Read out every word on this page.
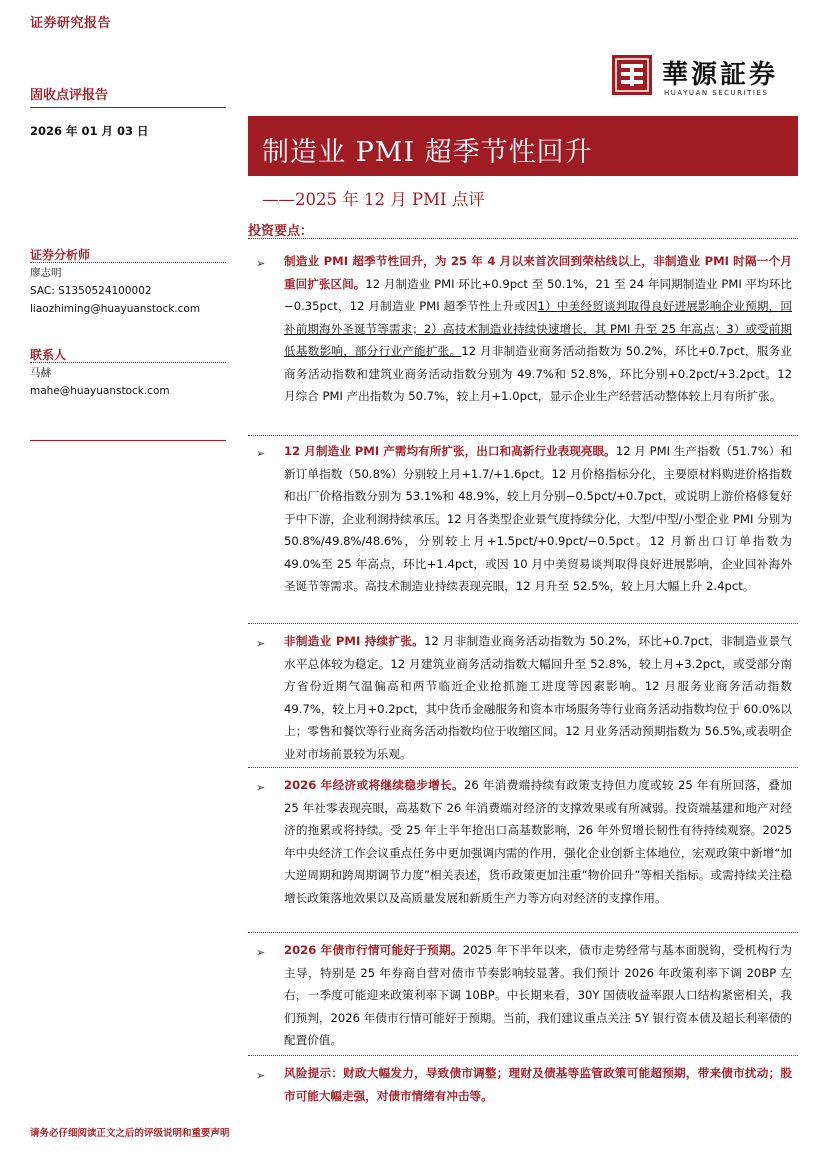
证券研究报告
固收点评报告
2026 年 01 月 03 日
華源証券
HUAYUAN SECURITIES
制造业 PMI 超季节性回升
——2025 年 12 月 PMI 点评
证券分析师
廖志明
SAC: S1350524100002
liaozhiming@huayuanstock.com
联系人
马赫
mahe@huayuanstock.com
投资要点：
➢ 制造业 PMI 超季节性回升，为 25 年 4 月以来首次回到荣枯线以上，非制造业 PMI 时隔一个月重回扩张区间。12 月制造业 PMI 环比+0.9pct 至 50.1%，21 至 24 年同期制造业 PMI 平均环比−0.35pct，12 月制造业 PMI 超季节性上升或因1）中美经贸谈判取得良好进展影响企业预期，回补前期海外圣诞节等需求；2）高技术制造业持续快速增长，其 PMI 升至 25 年高点；3）或受前期低基数影响，部分行业产能扩张。12 月非制造业商务活动指数为 50.2%，环比+0.7pct，服务业商务活动指数和建筑业商务活动指数分别为 49.7%和 52.8%，环比分别+0.2pct/+3.2pct。12 月综合 PMI 产出指数为 50.7%，较上月+1.0pct，显示企业生产经营活动整体较上月有所扩张。
➢ 12 月制造业 PMI 产需均有所扩张，出口和高新行业表现亮眼。12 月 PMI 生产指数（51.7%）和新订单指数（50.8%）分别较上月+1.7/+1.6pct。12 月价格指标分化，主要原材料购进价格指数和出厂价格指数分别为 53.1%和 48.9%，较上月分别−0.5pct/+0.7pct，或说明上游价格修复好于中下游，企业利润持续承压。12 月各类型企业景气度持续分化，大型/中型/小型企业 PMI 分别为 50.8%/49.8%/48.6%，分别较上月+1.5pct/+0.9pct/−0.5pct。12 月新出口订单指数为 49.0%至 25 年高点，环比+1.4pct，或因 10 月中美贸易谈判取得良好进展影响，企业回补海外圣诞节等需求。高技术制造业持续表现亮眼，12 月升至 52.5%，较上月大幅上升 2.4pct。
➢ 非制造业 PMI 持续扩张。12 月非制造业商务活动指数为 50.2%，环比+0.7pct，非制造业景气水平总体较为稳定。12 月建筑业商务活动指数大幅回升至 52.8%，较上月+3.2pct，或受部分南方省份近期气温偏高和两节临近企业抢抓施工进度等因素影响。12 月服务业商务活动指数 49.7%，较上月+0.2pct，其中货币金融服务和资本市场服务等行业商务活动指数均位于 60.0%以上；零售和餐饮等行业商务活动指数均位于收缩区间。12 月业务活动预期指数为 56.5%,或表明企业对市场前景较为乐观。
➢ 2026 年经济或将继续稳步增长。26 年消费端持续有政策支持但力度或较 25 年有所回落，叠加 25 年社零表现亮眼，高基数下 26 年消费端对经济的支撑效果或有所减弱。投资端基建和地产对经济的拖累或将持续。受 25 年上半年抢出口高基数影响，26 年外贸增长韧性有待持续观察。2025 年中央经济工作会议重点任务中更加强调内需的作用，强化企业创新主体地位，宏观政策中新增“加大逆周期和跨周期调节力度”相关表述，货币政策更加注重“物价回升”等相关指标。或需持续关注稳增长政策落地效果以及高质量发展和新质生产力等方向对经济的支撑作用。
➢ 2026 年债市行情可能好于预期。2025 年下半年以来，债市走势经常与基本面脱钩，受机构行为主导，特别是 25 年券商自营对债市节奏影响较显著。我们预计 2026 年政策利率下调 20BP 左右，一季度可能迎来政策利率下调 10BP。中长期来看，30Y 国债收益率跟人口结构紧密相关，我们预判，2026 年债市行情可能好于预期。当前，我们建议重点关注 5Y 银行资本债及超长利率债的配置价值。
➢ 风险提示：财政大幅发力，导致债市调整；理财及债基等监管政策可能超预期，带来债市扰动；股市可能大幅走强，对债市情绪有冲击等。
请务必仔细阅读正文之后的评级说明和重要声明
